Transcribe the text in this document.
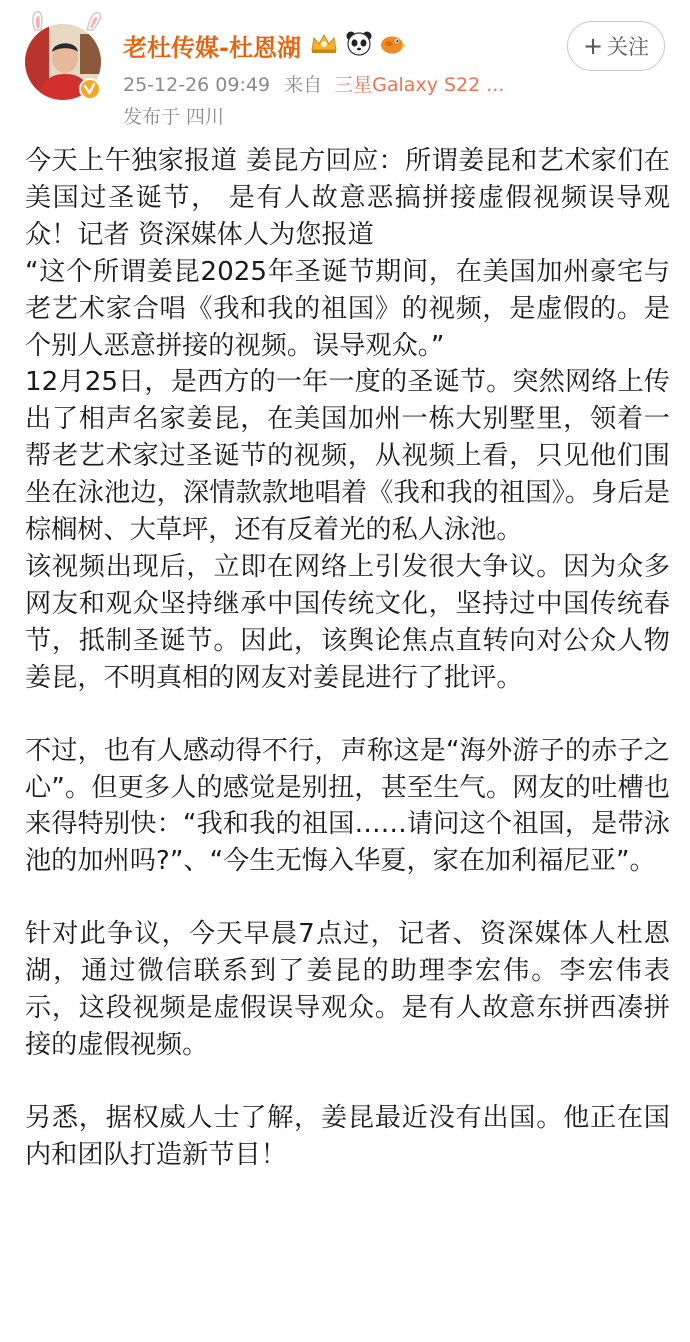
老杜传媒-杜恩湖
25-12-26 09:49 来自 三星Galaxy S22 ...
发布于 四川
+ 关注

今天上午独家报道 姜昆方回应：所谓姜昆和艺术家们在美国过圣诞节， 是有人故意恶搞拼接虚假视频误导观众！记者 资深媒体人为您报道

“这个所谓姜昆2025年圣诞节期间，在美国加州豪宅与老艺术家合唱《我和我的祖国》的视频，是虚假的。是个别人恶意拼接的视频。误导观众。”

12月25日，是西方的一年一度的圣诞节。突然网络上传出了相声名家姜昆，在美国加州一栋大别墅里，领着一帮老艺术家过圣诞节的视频，从视频上看，只见他们围坐在泳池边，深情款款地唱着《我和我的祖国》。身后是棕榈树、大草坪，还有反着光的私人泳池。

该视频出现后，立即在网络上引发很大争议。因为众多网友和观众坚持继承中国传统文化，坚持过中国传统春节，抵制圣诞节。因此，该舆论焦点直转向对公众人物姜昆，不明真相的网友对姜昆进行了批评。

不过，也有人感动得不行，声称这是“海外游子的赤子之心”。但更多人的感觉是别扭，甚至生气。网友的吐槽也来得特别快：“我和我的祖国……请问这个祖国，是带泳池的加州吗?”、“今生无悔入华夏，家在加利福尼亚”。

针对此争议，今天早晨7点过，记者、资深媒体人杜恩湖，通过微信联系到了姜昆的助理李宏伟。李宏伟表示，这段视频是虚假误导观众。是有人故意东拼西凑拼接的虚假视频。

另悉，据权威人士了解，姜昆最近没有出国。他正在国内和团队打造新节目！
